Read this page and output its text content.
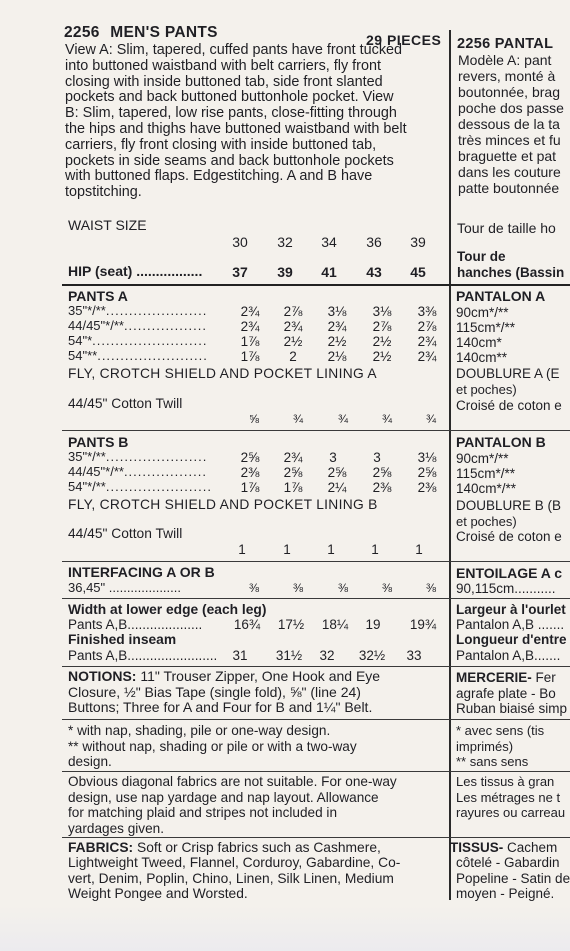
2256 MEN'S PANTS	29 PIECES
View A: Slim, tapered, cuffed pants have front tucked
into buttoned waistband with belt carriers, fly front
closing with inside buttoned tab, side front slanted
pockets and back buttoned buttonhole pocket. View
B: Slim, tapered, low rise pants, close-fitting through
the hips and thighs have buttoned waistband with belt
carriers, fly front closing with inside buttoned tab,
pockets in side seams and back buttonhole pockets
with buttoned flaps. Edgestitching. A and B have
topstitching.
2256 PANTAL
Modèle A: pant
revers, monté à
boutonnée, brag
poche dos passe
dessous de la ta
très minces et fu
braguette et pat
dans les couture
patte boutonnée
WAIST SIZE
30	32	34	36	39
HIP (seat) .................	37	39	41	43	45
Tour de taille ho
Tour de
hanches (Bassin
PANTS A	PANTALON A
35"*/**......................	2¾	2⅞	3⅛	3⅛	3⅜
44/45"*/**..................	2¾	2¾	2¾	2⅞	2⅞
54"*.........................	1⅞	2½	2½	2½	2¾
54"**........................	1⅞	2	2⅛	2½	2¾
90cm*/**
115cm*/**
140cm*
140cm**
FLY, CROTCH SHIELD AND POCKET LINING A
44/45" Cotton Twill
⅝	¾	¾	¾	¾
DOUBLURE A (E
et poches)
Croisé de coton e
PANTS B	PANTALON B
35"*/**......................	2⅝	2¾	3	3	3⅛
44/45"*/**..................	2⅜	2⅝	2⅝	2⅝	2⅝
54"*/**.......................	1⅞	1⅞	2¼	2⅜	2⅜
90cm*/**
115cm*/**
140cm*/**
FLY, CROTCH SHIELD AND POCKET LINING B
44/45" Cotton Twill
1	1	1	1	1
DOUBLURE B (B
et poches)
Croisé de coton e
INTERFACING A OR B
36,45" ....................	⅜	⅜	⅜	⅜	⅜
ENTOILAGE A c
90,115cm...........
Width at lower edge (each leg)
Pants A,B....................	16¾	17½	18¼	19	19¾
Finished inseam
Pants A,B........................	31	31½	32	32½	33
Largeur à l'ourlet
Pantalon A,B .......
Longueur d'entre
Pantalon A,B.......
NOTIONS: 11" Trouser Zipper, One Hook and Eye
Closure, ½" Bias Tape (single fold), ⅝" (line 24)
Buttons; Three for A and Four for B and 1¼" Belt.
MERCERIE- Fer
agrafe plate - Bo
Ruban biaisé simp
* with nap, shading, pile or one-way design.
** without nap, shading or pile or with a two-way
design.
* avec sens (tis
imprimés)
** sans sens
Obvious diagonal fabrics are not suitable. For one-way
design, use nap yardage and nap layout. Allowance
for matching plaid and stripes not included in
yardages given.
Les tissus à gran
Les métrages ne t
rayures ou carreau
FABRICS: Soft or Crisp fabrics such as Cashmere,
Lightweight Tweed, Flannel, Corduroy, Gabardine, Co-
vert, Denim, Poplin, Chino, Linen, Silk Linen, Medium
Weight Pongee and Worsted.
TISSUS- Cachem
côtelé - Gabardin
Popeline - Satin de
moyen - Peigné.
